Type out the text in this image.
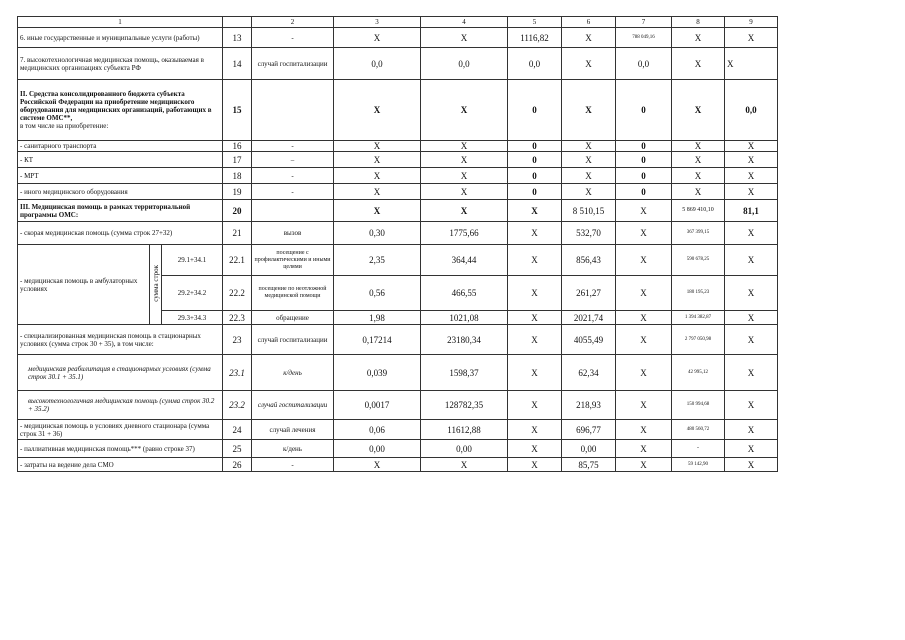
1				2	3	4	5	6	7	8	9
6. иные государственные и муниципальные услуги (работы)			13	-	X	X	1116,82	X	788 049,16	X	X
7. высокотехнологичная медицинская помощь, оказываемая в медицинских организациях субъекта РФ			14	случай госпитализации	0,0	0,0	0,0	X	0,0	X	X
II. Средства консолидированного бюджета субъекта Российской Федерации на приобретение медицинского оборудования для медицинских организаций, работающих в системе ОМС**,
в том числе на приобретение:			15		X	X	0	X	0	X	0,0
- санитарного транспорта			16	-	X	X	0	X	0	X	X
- КТ			17	–	X	X	0	X	0	X	X
- МРТ			18	-	X	X	0	X	0	X	X
- иного медицинского оборудования			19	-	X	X	0	X	0	X	X
III. Медицинская помощь в рамках территориальной программы ОМС:			20		X	X	X	8 510,15	X	5 869 410,10	81,1
- скорая медицинская помощь (сумма строк 27+32)			21	вызов	0,30	1775,66	X	532,70	X	367 399,15	X
- медицинская помощь в амбулаторных условиях	сумма строк	29.1+34.1	22.1	посещение с профилактическими и иными целями	2,35	364,44	X	856,43	X	590 678,25	X
		29.2+34.2	22.2	посещение по неотложной медицинской помощи	0,56	466,55	X	261,27	X	180 195,23	X
		29.3+34.3	22.3	обращение	1,98	1021,08	X	2021,74	X	1 394 382,87	X
- специализированная медицинская помощь в стационарных условиях (сумма строк 30 + 35), в том числе:			23	случай госпитализации	0,17214	23180,34	X	4055,49	X	2 797 050,98	X
медицинская реабилитация в стационарных условиях (сумма строк 30.1 + 35.1)			23.1	к/день	0,039	1598,37	X	62,34	X	42 995,12	X
высокотехнологичная медицинская помощь (сумма строк 30.2 + 35.2)			23.2	случай госпитализации	0,0017	128782,35	X	218,93	X	150 994,68	X
- медицинская помощь в условиях дневного стационара (сумма строк 31 + 36)			24	случай лечения	0,06	11612,88	X	696,77	X	480 560,72	X
- паллиативная медицинская помощь*** (равно строке 37)			25	к/день	0,00	0,00	X	0,00	X	-	X
- затраты на ведение дела СМО			26	-	X	X	X	85,75	X	59 142,90	X
